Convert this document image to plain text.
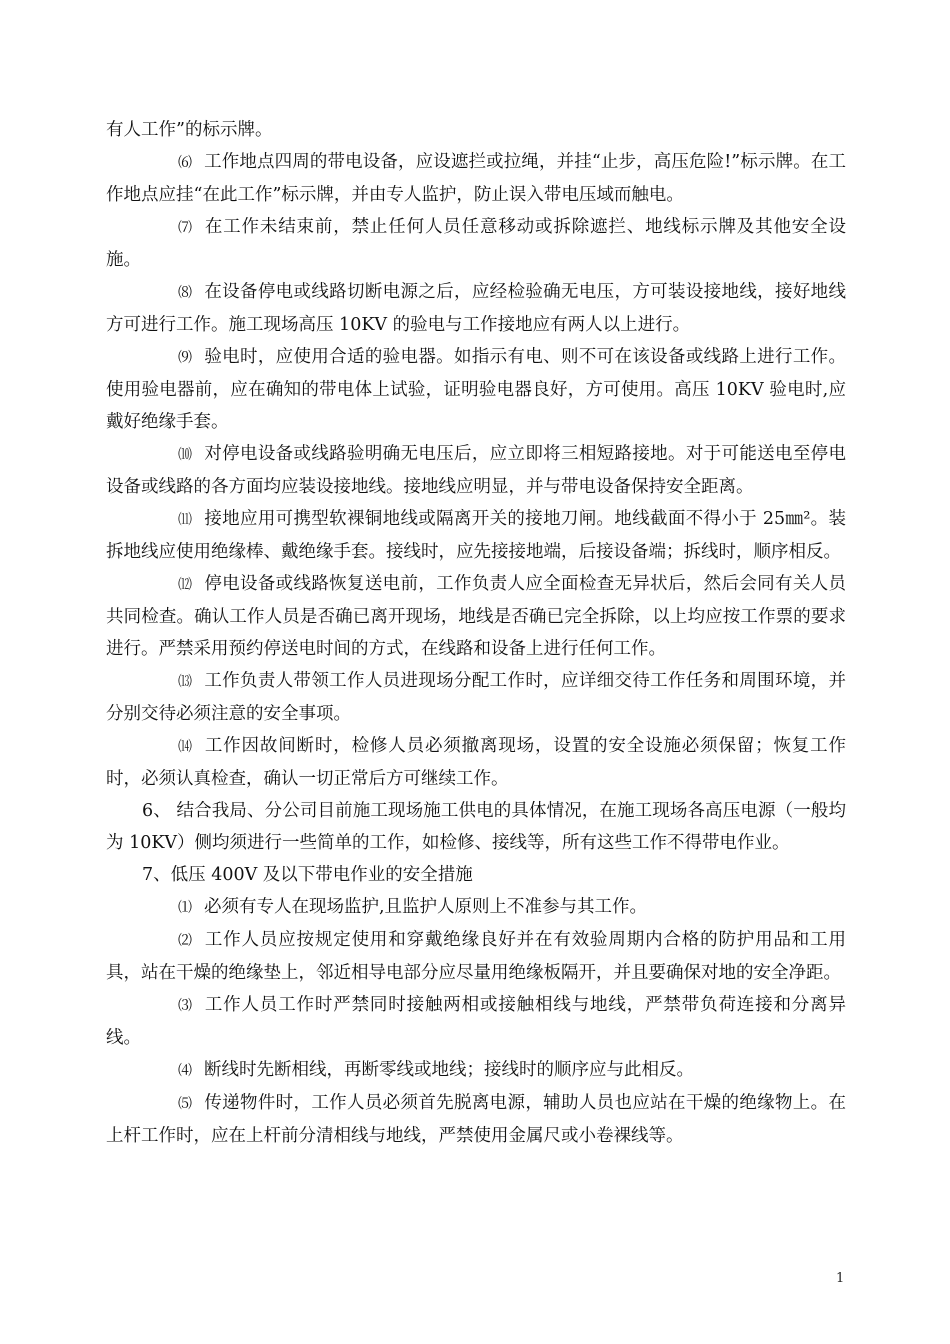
有人工作”的标示牌。

⑹ 工作地点四周的带电设备，应设遮拦或拉绳，并挂“止步，高压危险!”标示牌。在工作地点应挂“在此工作”标示牌，并由专人监护，防止误入带电压域而触电。

⑺ 在工作未结束前，禁止任何人员任意移动或拆除遮拦、地线标示牌及其他安全设施。

⑻ 在设备停电或线路切断电源之后，应经检验确无电压，方可装设接地线，接好地线方可进行工作。施工现场高压 10KV 的验电与工作接地应有两人以上进行。

⑼ 验电时，应使用合适的验电器。如指示有电、则不可在该设备或线路上进行工作。使用验电器前，应在确知的带电体上试验，证明验电器良好，方可使用。高压 10KV 验电时,应戴好绝缘手套。

⑽ 对停电设备或线路验明确无电压后，应立即将三相短路接地。对于可能送电至停电设备或线路的各方面均应装设接地线。接地线应明显，并与带电设备保持安全距离。

⑾ 接地应用可携型软裸铜地线或隔离开关的接地刀闸。地线截面不得小于 25㎜²。装拆地线应使用绝缘棒、戴绝缘手套。接线时，应先接接地端，后接设备端；拆线时，顺序相反。

⑿ 停电设备或线路恢复送电前，工作负责人应全面检查无异状后，然后会同有关人员共同检查。确认工作人员是否确已离开现场，地线是否确已完全拆除，以上均应按工作票的要求进行。严禁采用预约停送电时间的方式，在线路和设备上进行任何工作。

⒀ 工作负责人带领工作人员进现场分配工作时，应详细交待工作任务和周围环境，并分别交待必须注意的安全事项。

⒁ 工作因故间断时，检修人员必须撤离现场，设置的安全设施必须保留；恢复工作时，必须认真检查，确认一切正常后方可继续工作。

6、 结合我局、分公司目前施工现场施工供电的具体情况，在施工现场各高压电源（一般均为 10KV）侧均须进行一些简单的工作，如检修、接线等，所有这些工作不得带电作业。

7、低压 400V 及以下带电作业的安全措施

⑴ 必须有专人在现场监护,且监护人原则上不准参与其工作。

⑵ 工作人员应按规定使用和穿戴绝缘良好并在有效验周期内合格的防护用品和工用具，站在干燥的绝缘垫上，邻近相导电部分应尽量用绝缘板隔开，并且要确保对地的安全净距。

⑶ 工作人员工作时严禁同时接触两相或接触相线与地线，严禁带负荷连接和分离异线。

⑷ 断线时先断相线，再断零线或地线；接线时的顺序应与此相反。

⑸ 传递物件时，工作人员必须首先脱离电源，辅助人员也应站在干燥的绝缘物上。在上杆工作时，应在上杆前分清相线与地线，严禁使用金属尺或小卷裸线等。

1
